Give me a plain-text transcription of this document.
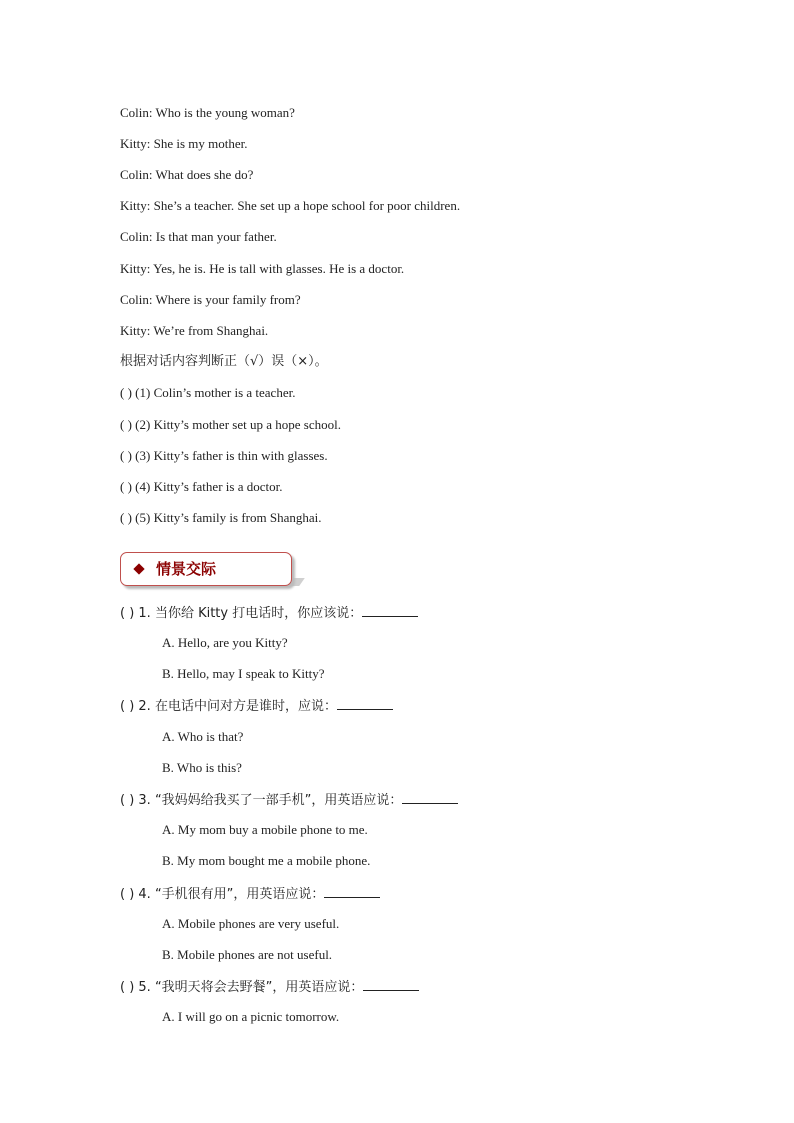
Colin: Who is the young woman?
Kitty: She is my mother.
Colin: What does she do?
Kitty: She’s a teacher. She set up a hope school for poor children.
Colin: Is that man your father.
Kitty: Yes, he is. He is tall with glasses. He is a doctor.
Colin: Where is your family from?
Kitty: We’re from Shanghai.
根据对话内容判断正（√）误（×）。
( ) (1) Colin’s mother is a teacher.
( ) (2) Kitty’s mother set up a hope school.
( ) (3) Kitty’s father is thin with glasses.
( ) (4) Kitty’s father is a doctor.
( ) (5) Kitty’s family is from Shanghai.
情景交际
( ) 1. 当你给 Kitty 打电话时，你应该说：
A. Hello, are you Kitty?
B. Hello, may I speak to Kitty?
( ) 2. 在电话中问对方是谁时，应说：
A. Who is that?
B. Who is this?
( ) 3. “我妈妈给我买了一部手机”，用英语应说：
A. My mom buy a mobile phone to me.
B. My mom bought me a mobile phone.
( ) 4. “手机很有用”，用英语应说：
A. Mobile phones are very useful.
B. Mobile phones are not useful.
( ) 5. “我明天将会去野餐”，用英语应说：
A. I will go on a picnic tomorrow.
